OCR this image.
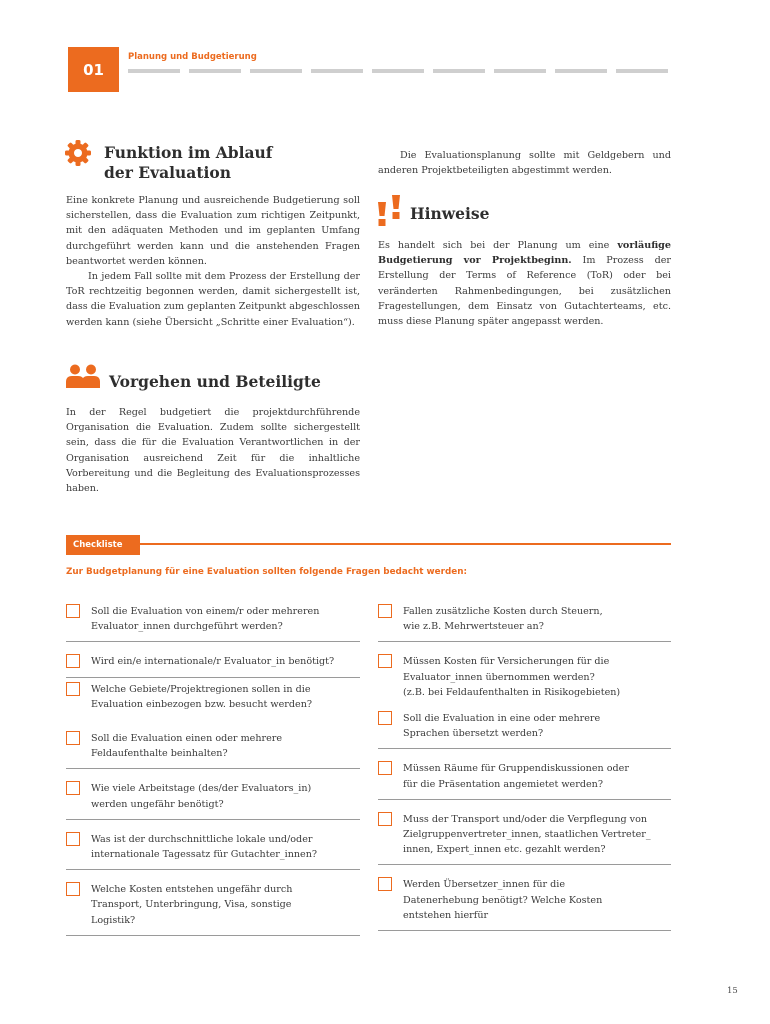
01
Planung und Budgetierung
Funktion im Ablauf
der Evaluation

Eine konkrete Planung und ausreichende Budgetierung soll sicherstellen, dass die Evaluation zum richtigen Zeitpunkt, mit den adäquaten Methoden und im geplanten Umfang durchgeführt werden kann und die anstehenden Fragen beantwortet werden können.

In jedem Fall sollte mit dem Prozess der Erstellung der ToR rechtzeitig begonnen werden, damit sichergestellt ist, dass die Evaluation zum geplanten Zeitpunkt abgeschlossen werden kann (siehe Übersicht „Schritte einer Evaluation“).

Vorgehen und Beteiligte

In der Regel budgetiert die projektdurchführende Organisation die Evaluation. Zudem sollte sichergestellt sein, dass die für die Evaluation Verantwortlichen in der Organisation ausreichend Zeit für die inhaltliche Vorbereitung und die Begleitung des Evaluationsprozesses haben.

Die Evaluationsplanung sollte mit Geldgebern und anderen Projektbeteiligten abgestimmt werden.

Hinweise

Es handelt sich bei der Planung um eine vorläufige Budgetierung vor Projektbeginn. Im Prozess der Erstellung der Terms of Reference (ToR) oder bei veränderten Rahmenbedingungen, bei zusätzlichen Fragestellungen, dem Einsatz von Gutachterteams, etc. muss diese Planung später angepasst werden.

Checkliste
Zur Budgetplanung für eine Evaluation sollten folgende Fragen bedacht werden:
Soll die Evaluation von einem/r oder mehreren
Evaluator_innen durchgeführt werden?
Wird ein/e internationale/r Evaluator_in benötigt?
Welche Gebiete/Projektregionen sollen in die
Evaluation einbezogen bzw. besucht werden?
Soll die Evaluation einen oder mehrere
Feldaufenthalte beinhalten?
Wie viele Arbeitstage (des/der Evaluators_in)
werden ungefähr benötigt?
Was ist der durchschnittliche lokale und/oder
internationale Tagessatz für Gutachter_innen?
Welche Kosten entstehen ungefähr durch
Transport, Unterbringung, Visa, sonstige
Logistik?
Fallen zusätzliche Kosten durch Steuern,
wie z.B. Mehrwertsteuer an?
Müssen Kosten für Versicherungen für die
Evaluator_innen übernommen werden?
(z.B. bei Feldaufenthalten in Risikogebieten)
Soll die Evaluation in eine oder mehrere
Sprachen übersetzt werden?
Müssen Räume für Gruppendiskussionen oder
für die Präsentation angemietet werden?
Muss der Transport und/oder die Verpflegung von
Zielgruppenvertreter_innen, staatlichen Vertreter_
innen, Expert_innen etc. gezahlt werden?
Werden Übersetzer_innen für die
Datenerhebung benötigt? Welche Kosten
entstehen hierfür
15
